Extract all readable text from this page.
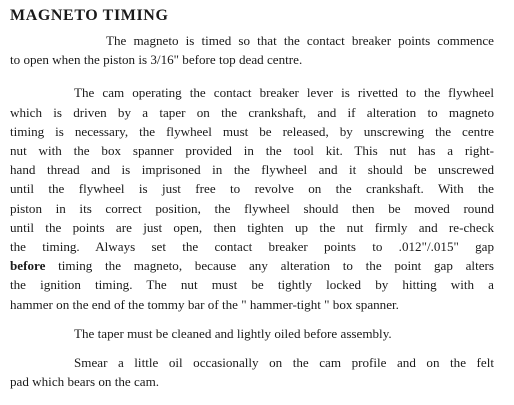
MAGNETO TIMING
The magneto is timed so that the contact breaker points commence
to open when the piston is 3/16" before top dead centre.
The cam operating the contact breaker lever is rivetted to the flywheel
which is driven by a taper on the crankshaft, and if alteration to magneto
timing is necessary, the flywheel must be released, by unscrewing the centre
nut with the box spanner provided in the tool kit. This nut has a right-
hand thread and is imprisoned in the flywheel and it should be unscrewed
until the flywheel is just free to revolve on the crankshaft. With the
piston in its correct position, the flywheel should then be moved round
until the points are just open, then tighten up the nut firmly and re-check
the timing. Always set the contact breaker points to .012"/.015" gap
before timing the magneto, because any alteration to the point gap alters
the ignition timing. The nut must be tightly locked by hitting with a
hammer on the end of the tommy bar of the " hammer-tight " box spanner.
The taper must be cleaned and lightly oiled before assembly.
Smear a little oil occasionally on the cam profile and on the felt
pad which bears on the cam.
